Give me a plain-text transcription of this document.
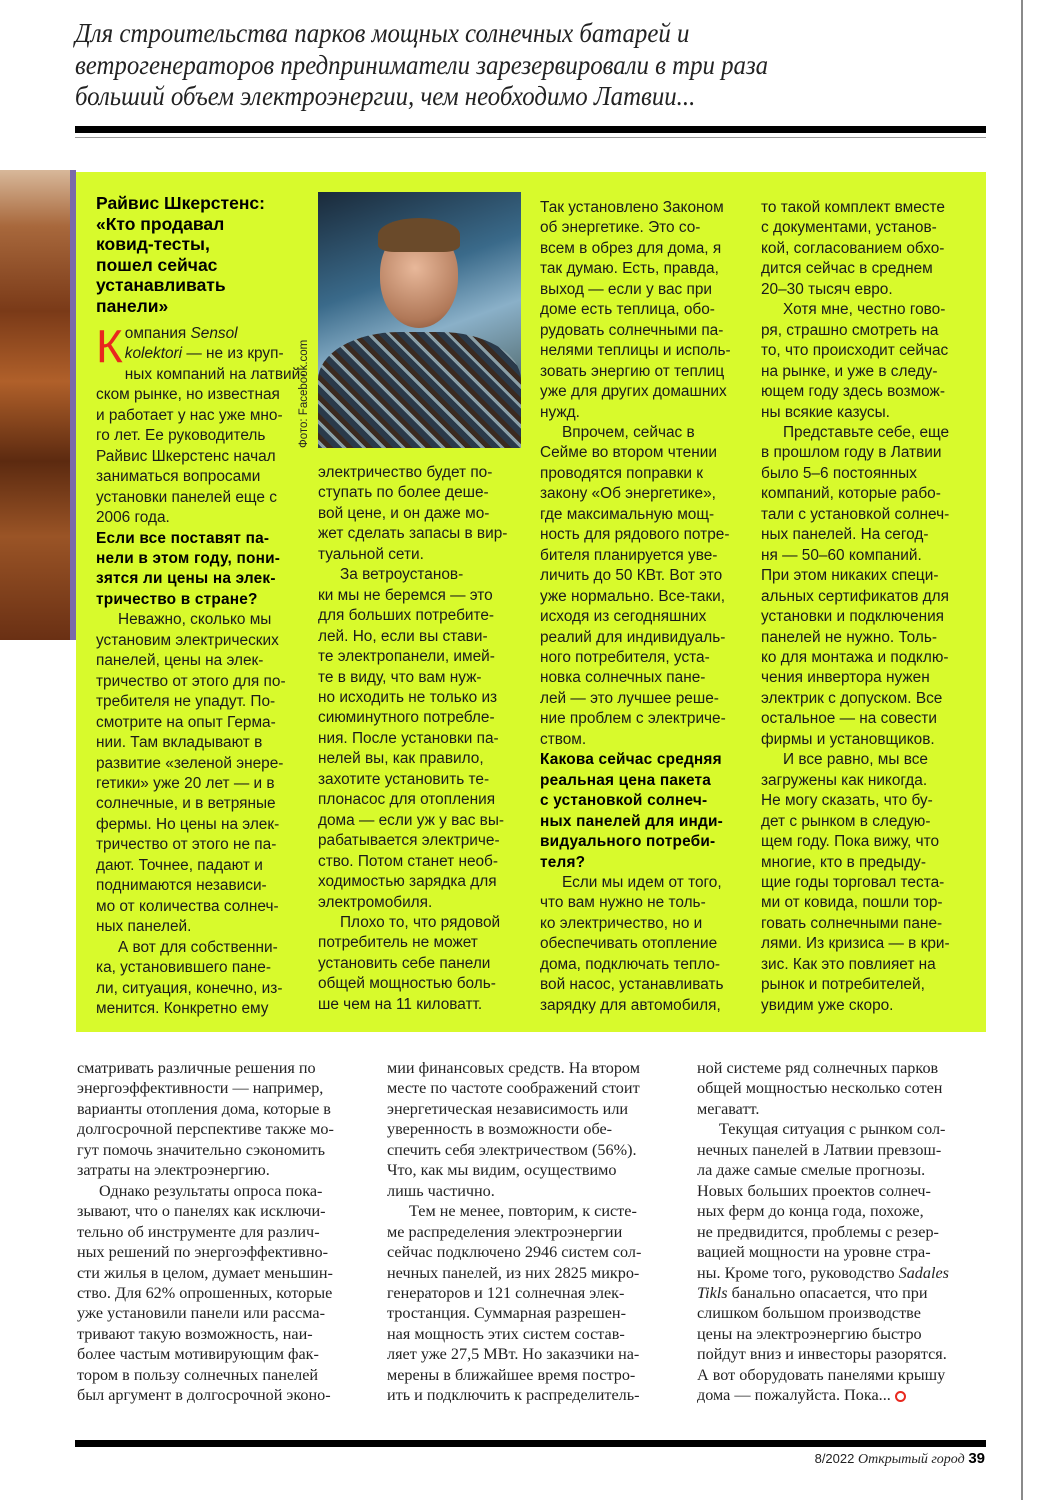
Для строительства парков мощных солнечных батарей и
ветрогенераторов предприниматели зарезервировали в три раза
больший объем электроэнергии, чем необходимо Латвии...

Райвис Шкерстенс:
«Кто продавал
ковид-тесты,
пошел сейчас
устанавливать
панели»

Компания Sensol
kolektori — не из круп-
ных компаний на латвий-
ском рынке, но известная
и работает у нас уже мно-
го лет. Ее руководитель
Райвис Шкерстенс начал
заниматься вопросами
установки панелей еще с
2006 года.

Если все поставят па-
нели в этом году, пони-
зятся ли цены на элек-
тричество в стране?

Неважно, сколько мы
установим электрических
панелей, цены на элек-
тричество от этого для по-
требителя не упадут. По-
смотрите на опыт Герма-
нии. Там вкладывают в
развитие «зеленой энере-
гетики» уже 20 лет — и в
солнечные, и в ветряные
фермы. Но цены на элек-
тричество от этого не па-
дают. Точнее, падают и
поднимаются независи-
мо от количества солнеч-
ных панелей.

А вот для собственни-
ка, установившего пане-
ли, ситуация, конечно, из-
менится. Конкретно ему

Фото: Facebook.com

электричество будет по-
ступать по более деше-
вой цене, и он даже мо-
жет сделать запасы в вир-
туальной сети.

За ветроустанов-
ки мы не беремся — это
для больших потребите-
лей. Но, если вы стави-
те электропанели, имей-
те в виду, что вам нуж-
но исходить не только из
сиюминутного потребле-
ния. После установки па-
нелей вы, как правило,
захотите установить те-
плонасос для отопления
дома — если уж у вас вы-
рабатывается электриче-
ство. Потом станет необ-
ходимостью зарядка для
электромобиля.

Плохо то, что рядовой
потребитель не может
установить себе панели
общей мощностью боль-
ше чем на 11 киловатт.

Так установлено Законом
об энергетике. Это со-
всем в обрез для дома, я
так думаю. Есть, правда,
выход — если у вас при
доме есть теплица, обо-
рудовать солнечными па-
нелями теплицы и исполь-
зовать энергию от теплиц
уже для других домашних
нужд.

Впрочем, сейчас в
Сейме во втором чтении
проводятся поправки к
закону «Об энергетике»,
где максимальную мощ-
ность для рядового потре-
бителя планируется уве-
личить до 50 КВт. Вот это
уже нормально. Все-таки,
исходя из сегодняшних
реалий для индивидуаль-
ного потребителя, уста-
новка солнечных пане-
лей — это лучшее реше-
ние проблем с электриче-
ством.

Какова сейчас средняя
реальная цена пакета
с установкой солнеч-
ных панелей для инди-
видуального потреби-
теля?

Если мы идем от того,
что вам нужно не толь-
ко электричество, но и
обеспечивать отопление
дома, подключать тепло-
вой насос, устанавливать
зарядку для автомобиля,

то такой комплект вместе
с документами, установ-
кой, согласованием обхо-
дится сейчас в среднем
20–30 тысяч евро.

Хотя мне, честно гово-
ря, страшно смотреть на
то, что происходит сейчас
на рынке, и уже в следу-
ющем году здесь возмож-
ны всякие казусы.

Представьте себе, еще
в прошлом году в Латвии
было 5–6 постоянных
компаний, которые рабо-
тали с установкой солнеч-
ных панелей. На сегод-
ня — 50–60 компаний.
При этом никаких специ-
альных сертификатов для
установки и подключения
панелей не нужно. Толь-
ко для монтажа и подклю-
чения инвертора нужен
электрик с допуском. Все
остальное — на совести
фирмы и установщиков.

И все равно, мы все
загружены как никогда.
Не могу сказать, что бу-
дет с рынком в следую-
щем году. Пока вижу, что
многие, кто в предыду-
щие годы торговал теста-
ми от ковида, пошли тор-
говать солнечными пане-
лями. Из кризиса — в кри-
зис. Как это повлияет на
рынок и потребителей,
увидим уже скоро.

сматривать различные решения по
энергоэффективности — например,
варианты отопления дома, которые в
долгосрочной перспективе также мо-
гут помочь значительно сэкономить
затраты на электроэнергию.

Однако результаты опроса пока-
зывают, что о панелях как исключи-
тельно об инструменте для различ-
ных решений по энергоэффективно-
сти жилья в целом, думает меньшин-
ство. Для 62% опрошенных, которые
уже установили панели или рассма-
тривают такую возможность, наи-
более частым мотивирующим фак-
тором в пользу солнечных панелей
был аргумент в долгосрочной эконо-

мии финансовых средств. На втором
месте по частоте соображений стоит
энергетическая независимость или
уверенность в возможности обе-
спечить себя электричеством (56%).
Что, как мы видим, осуществимо
лишь частично.

Тем не менее, повторим, к систе-
ме распределения электроэнергии
сейчас подключено 2946 систем сол-
нечных панелей, из них 2825 микро-
генераторов и 121 солнечная элек-
тростанция. Суммарная разрешен-
ная мощность этих систем состав-
ляет уже 27,5 МВт. Но заказчики на-
мерены в ближайшее время постро-
ить и подключить к распределитель-

ной системе ряд солнечных парков
общей мощностью несколько сотен
мегаватт.

Текущая ситуация с рынком сол-
нечных панелей в Латвии превзош-
ла даже самые смелые прогнозы.
Новых больших проектов солнеч-
ных ферм до конца года, похоже,
не предвидится, проблемы с резер-
вацией мощности на уровне стра-
ны. Кроме того, руководство Sadales
Tikls банально опасается, что при
слишком большом производстве
цены на электроэнергию быстро
пойдут вниз и инвесторы разорятся.
А вот оборудовать панелями крышу
дома — пожалуйста. Пока...

8/2022 Открытый город 39
